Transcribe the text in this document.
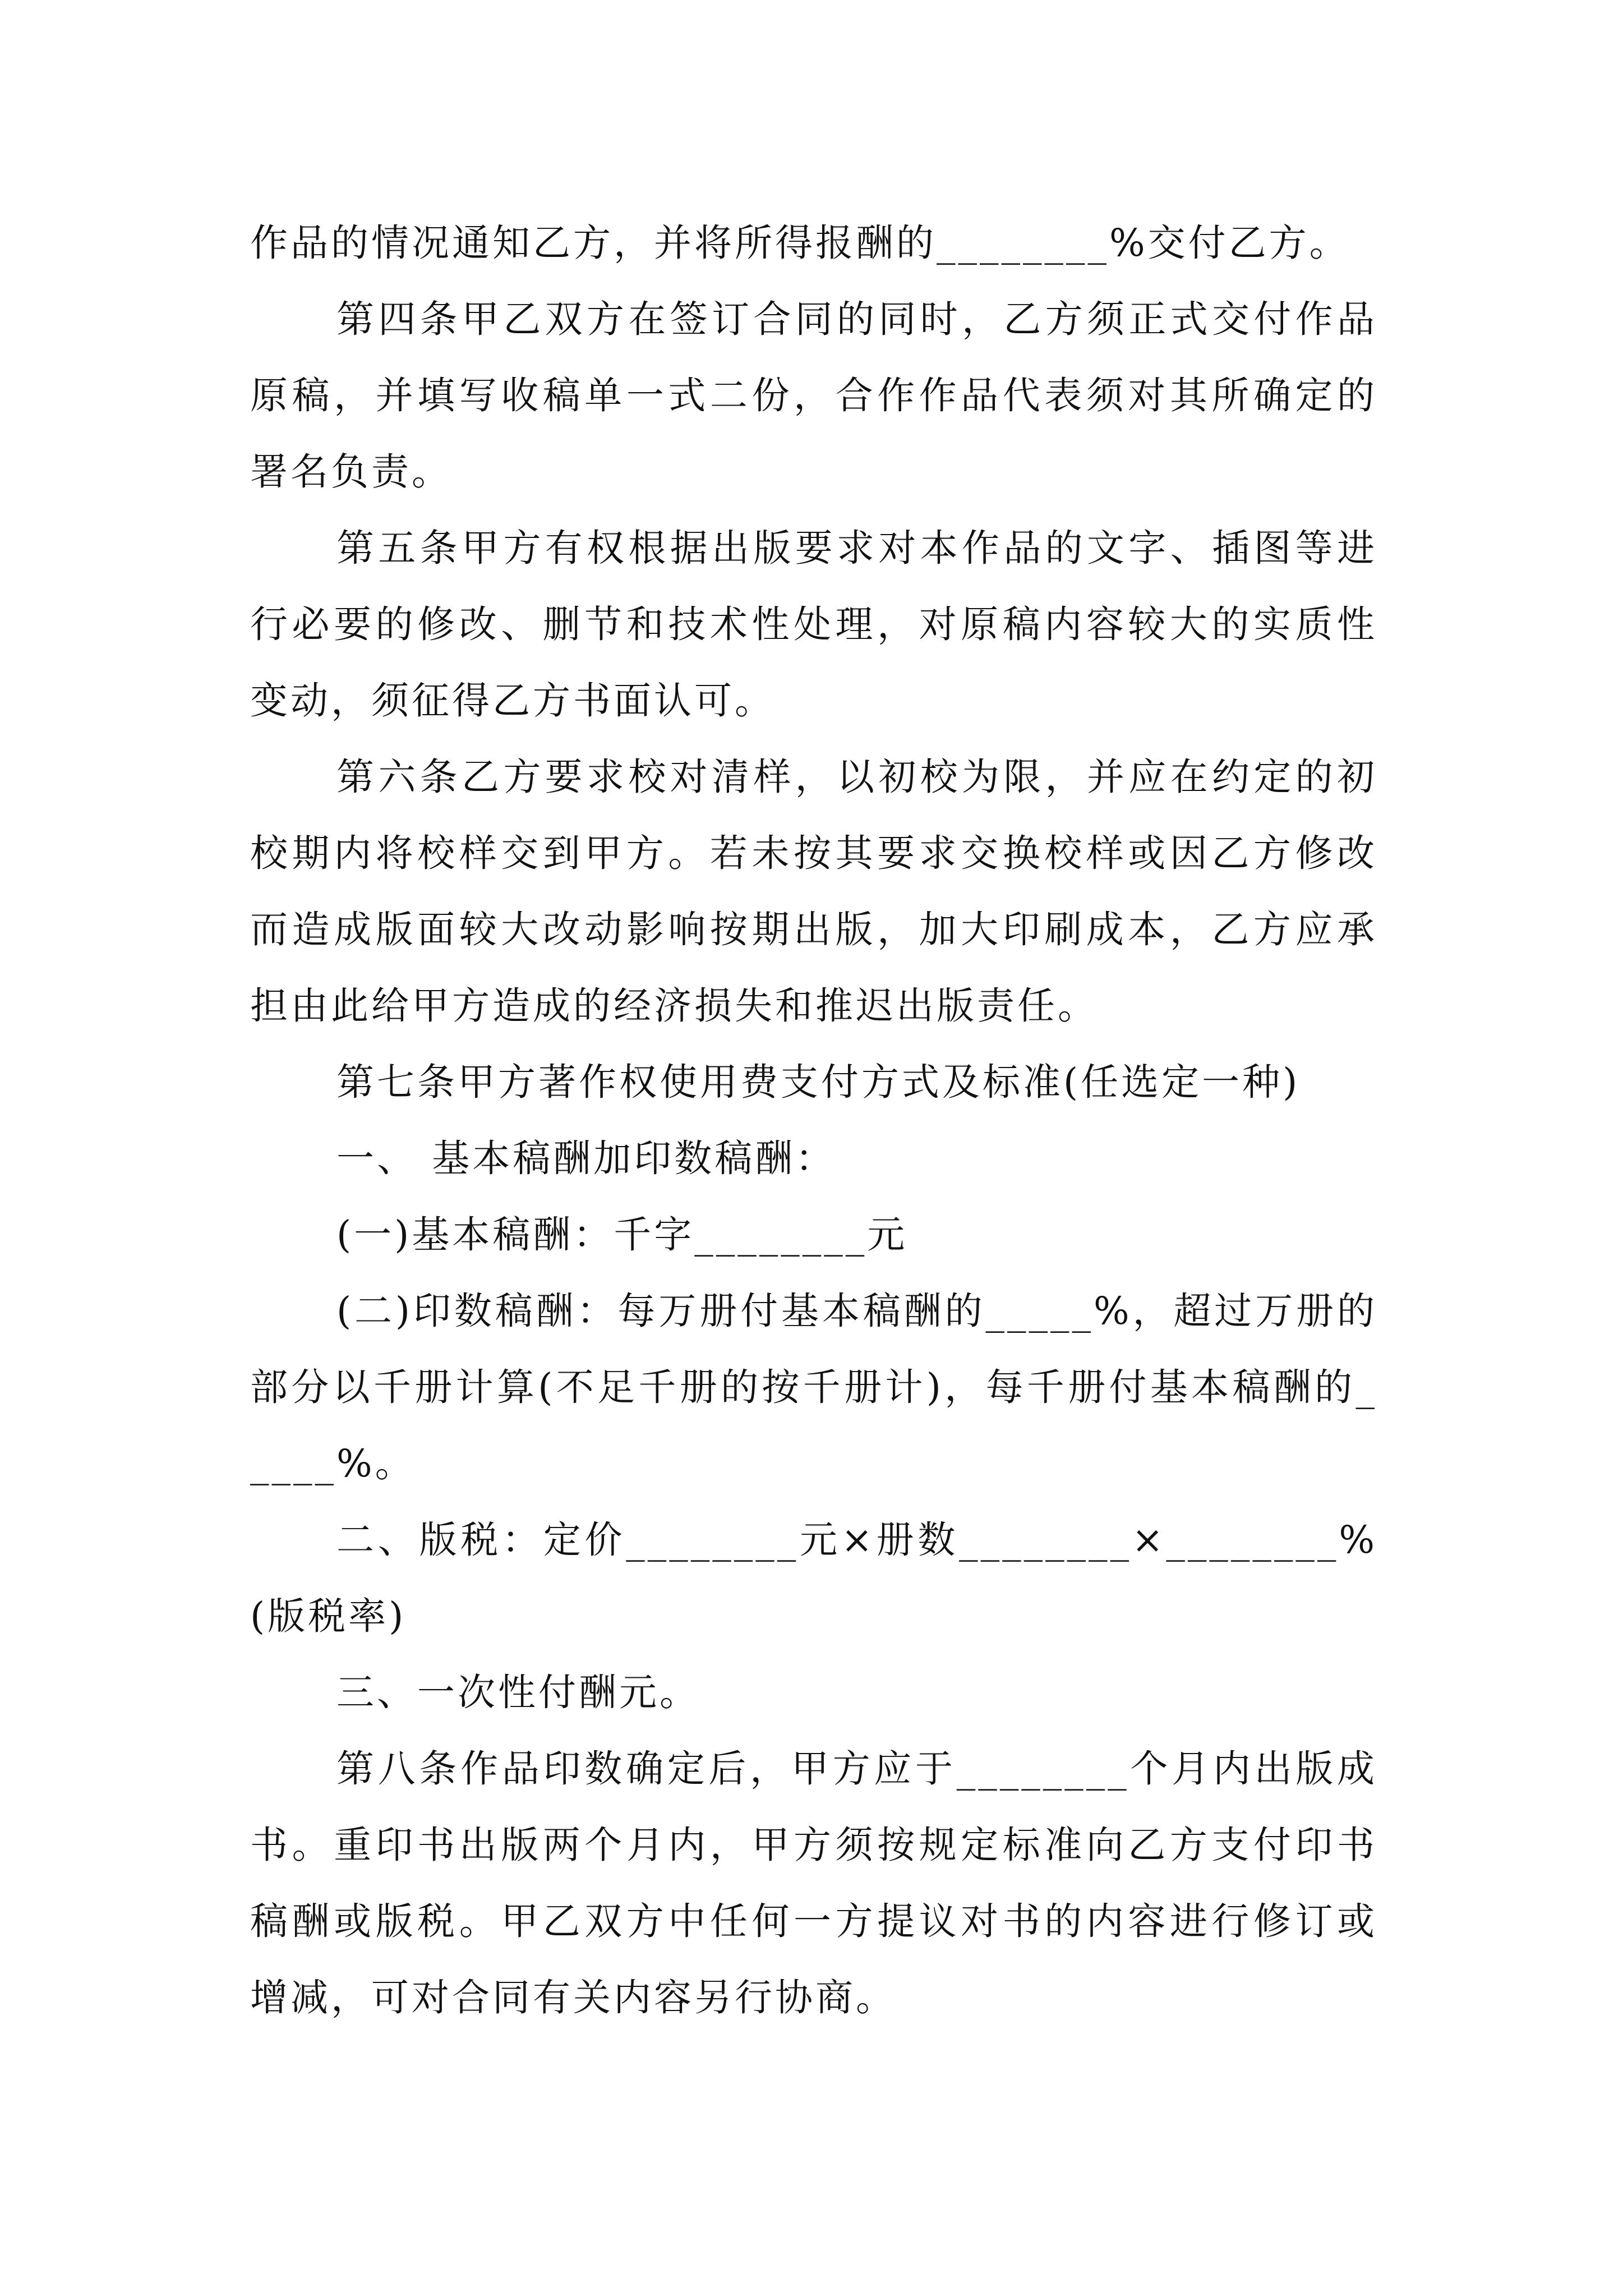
作品的情况通知乙方，并将所得报酬的________%交付乙方。

第四条甲乙双方在签订合同的同时，乙方须正式交付作品原稿，并填写收稿单一式二份，合作作品代表须对其所确定的署名负责。

第五条甲方有权根据出版要求对本作品的文字、插图等进行必要的修改、删节和技术性处理，对原稿内容较大的实质性变动，须征得乙方书面认可。

第六条乙方要求校对清样，以初校为限，并应在约定的初校期内将校样交到甲方。若未按其要求交换校样或因乙方修改而造成版面较大改动影响按期出版，加大印刷成本，乙方应承担由此给甲方造成的经济损失和推迟出版责任。

第七条甲方著作权使用费支付方式及标准(任选定一种)

一、 基本稿酬加印数稿酬：

(一)基本稿酬：千字________元

(二)印数稿酬：每万册付基本稿酬的_____%，超过万册的部分以千册计算(不足千册的按千册计)，每千册付基本稿酬的_____%。

二、版税：定价________元×册数________×________%(版税率)

三、一次性付酬元。

第八条作品印数确定后，甲方应于________个月内出版成书。重印书出版两个月内，甲方须按规定标准向乙方支付印书稿酬或版税。甲乙双方中任何一方提议对书的内容进行修订或增减，可对合同有关内容另行协商。
